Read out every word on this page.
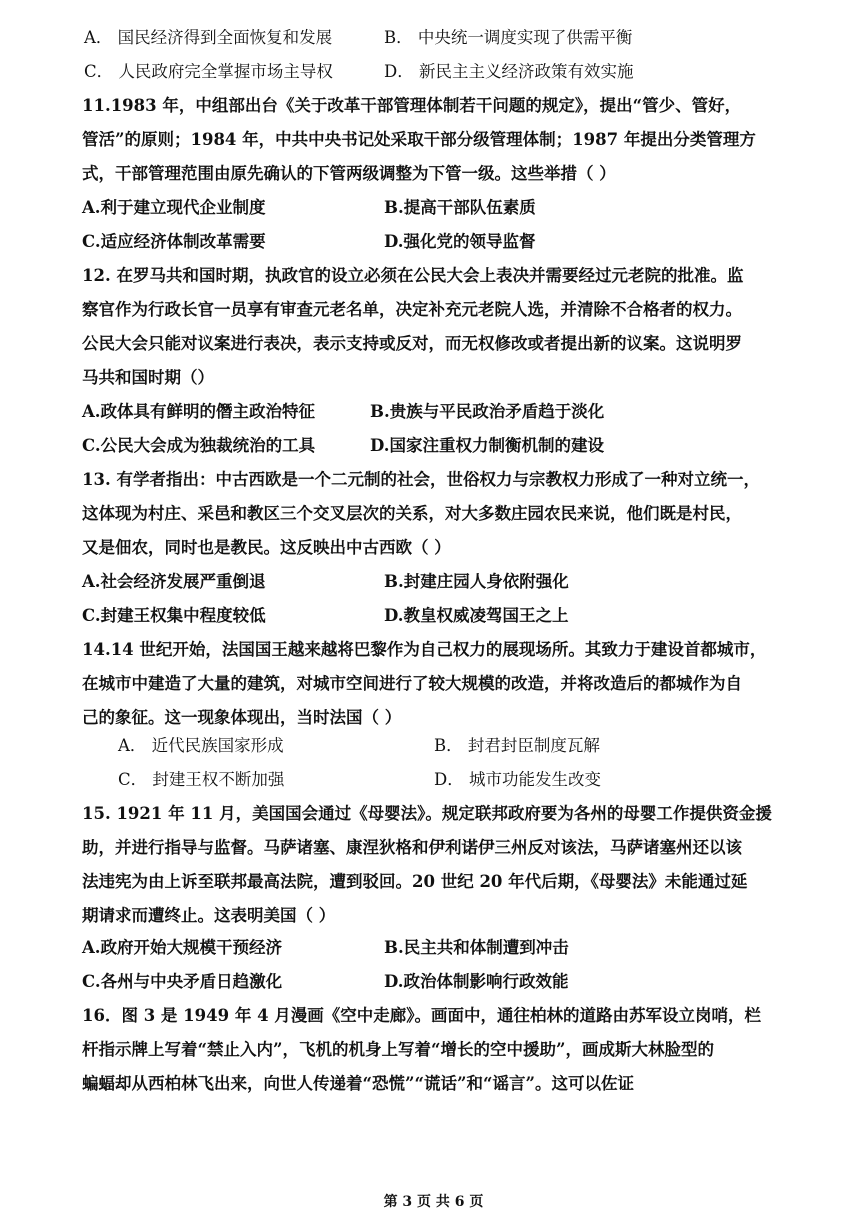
A． 国民经济得到全面恢复和发展	B． 中央统一调度实现了供需平衡
C． 人民政府完全掌握市场主导权	D． 新民主主义经济政策有效实施

11.1983 年，中组部出台《关于改革干部管理体制若干问题的规定》，提出“管少、管好，

管活”的原则；1984 年，中共中央书记处采取干部分级管理体制；1987 年提出分类管理方

式，干部管理范围由原先确认的下管两级调整为下管一级。这些举措（ ）

A.利于建立现代企业制度	B.提高干部队伍素质
C.适应经济体制改革需要	D.强化党的领导监督

12. 在罗马共和国时期，执政官的设立必须在公民大会上表决并需要经过元老院的批准。监

察官作为行政长官一员享有审查元老名单，决定补充元老院人选，并清除不合格者的权力。

公民大会只能对议案进行表决，表示支持或反对，而无权修改或者提出新的议案。这说明罗

马共和国时期（）

A.政体具有鲜明的僭主政治特征	B.贵族与平民政治矛盾趋于淡化
C.公民大会成为独裁统治的工具	D.国家注重权力制衡机制的建设

13. 有学者指出：中古西欧是一个二元制的社会，世俗权力与宗教权力形成了一种对立统一，

这体现为村庄、采邑和教区三个交叉层次的关系，对大多数庄园农民来说，他们既是村民，

又是佃农，同时也是教民。这反映出中古西欧（ ）

A.社会经济发展严重倒退	B.封建庄园人身依附强化
C.封建王权集中程度较低	D.教皇权威凌驾国王之上

14.14 世纪开始，法国国王越来越将巴黎作为自己权力的展现场所。其致力于建设首都城市，

在城市中建造了大量的建筑，对城市空间进行了较大规模的改造，并将改造后的都城作为自

己的象征。这一现象体现出，当时法国（ ）

A． 近代民族国家形成	B． 封君封臣制度瓦解
C． 封建王权不断加强	D． 城市功能发生改变

15. 1921 年 11 月，美国国会通过《母婴法》。规定联邦政府要为各州的母婴工作提供资金援

助，并进行指导与监督。马萨诸塞、康涅狄格和伊利诺伊三州反对该法，马萨诸塞州还以该

法违宪为由上诉至联邦最高法院，遭到驳回。20 世纪 20 年代后期，《母婴法》未能通过延

期请求而遭终止。这表明美国（ ）

A.政府开始大规模干预经济	B.民主共和体制遭到冲击
C.各州与中央矛盾日趋激化	D.政治体制影响行政效能

16．图 3 是 1949 年 4 月漫画《空中走廊》。画面中，通往柏林的道路由苏军设立岗哨，栏

杆指示牌上写着“禁止入内”，飞机的机身上写着“增长的空中援助”，画成斯大林脸型的

蝙蝠却从西柏林飞出来，向世人传递着“恐慌”“谎话”和“谣言”。这可以佐证

第 3 页 共 6 页
